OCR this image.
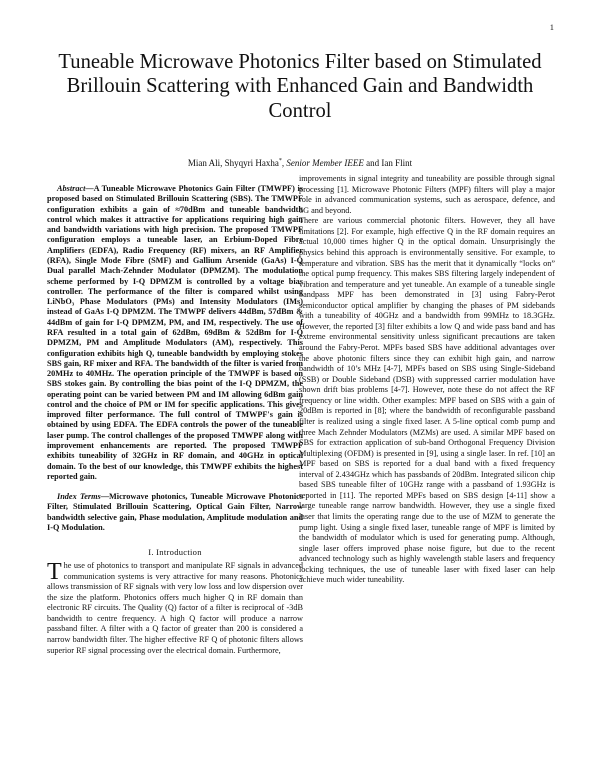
1
Tuneable Microwave Photonics Filter based on Stimulated Brillouin Scattering with Enhanced Gain and Bandwidth Control
Mian Ali, Shyqyri Haxha*, Senior Member IEEE and Ian Flint

Abstract—A Tuneable Microwave Photonics Gain Filter (TMWPF) is proposed based on Stimulated Brillouin Scattering (SBS). The TMWPF configuration exhibits a gain of ≈70dBm and tuneable bandwidth control which makes it attractive for applications requiring high gain and bandwidth variations with high precision. The proposed TMWPF configuration employs a tuneable laser, an Erbium-Doped Fibre Amplifiers (EDFA), Radio Frequency (RF) mixers, an RF Amplifier (RFA), Single Mode Fibre (SMF) and Gallium Arsenide (GaAs) I-Q Dual parallel Mach-Zehnder Modulator (DPMZM). The modulation scheme performed by I-Q DPMZM is controlled by a voltage bias controller. The performance of the filter is compared whilst using LiNbO₃ Phase Modulators (PMs) and Intensity Modulators (IMs) instead of GaAs I-Q DPMZM. The TMWPF delivers 44dBm, 57dBm & 44dBm of gain for I-Q DPMZM, PM, and IM, respectively. The use of RFA resulted in a total gain of 62dBm, 69dBm & 52dBm for I-Q DPMZM, PM and Amplitude Modulators (AM), respectively. This configuration exhibits high Q, tuneable bandwidth by employing stokes SBS gain, RF mixer and RFA. The bandwidth of the filter is varied from 20MHz to 40MHz. The operation principle of the TMWPF is based on SBS stokes gain. By controlling the bias point of the I-Q DPMZM, the operating point can be varied between PM and IM allowing 6dBm gain control and the choice of PM or IM for specific applications. This gives improved filter performance. The full control of TMWPF's gain is obtained by using EDFA. The EDFA controls the power of the tuneable laser pump. The control challenges of the proposed TMWPF along with improvement enhancements are reported. The proposed TMWPF exhibits tuneability of 32GHz in RF domain, and 40GHz in optical domain. To the best of our knowledge, this TMWPF exhibits the highest reported gain.

Index Terms—Microwave photonics, Tuneable Microwave Photonics Filter, Stimulated Brillouin Scattering, Optical Gain Filter, Narrow bandwidth selective gain, Phase modulation, Amplitude modulation and I-Q Modulation.

I. Introduction

The use of photonics to transport and manipulate RF signals in advanced communication systems is very attractive for many reasons. Photonics allows transmission of RF signals with very low loss and low dispersion over the size the platform. Photonics offers much higher Q in RF domain than electronic RF circuits. The Quality (Q) factor of a filter is reciprocal of -3dB bandwidth to centre frequency. A high Q factor will produce a narrow passband filter. A filter with a Q factor of greater than 200 is considered a narrow bandwidth filter. The higher effective RF Q of photonic filters allows superior RF signal processing over the electrical domain. Furthermore,

improvements in signal integrity and tuneability are possible through signal processing [1]. Microwave Photonic Filters (MPF) filters will play a major role in advanced communication systems, such as aerospace, defence, and 6G and beyond.

There are various commercial photonic filters. However, they all have limitations [2]. For example, high effective Q in the RF domain requires an actual 10,000 times higher Q in the optical domain. Unsurprisingly the physics behind this approach is environmentally sensitive. For example, to temperature and vibration. SBS has the merit that it dynamically “locks on” the optical pump frequency. This makes SBS filtering largely independent of vibration and temperature and yet tuneable. An example of a tuneable single bandpass MPF has been demonstrated in [3] using Fabry-Perot semiconductor optical amplifier by changing the phases of PM sidebands with a tuneability of 40GHz and a bandwidth from 99MHz to 18.3GHz. However, the reported [3] filter exhibits a low Q and wide pass band and has extreme environmental sensitivity unless significant precautions are taken around the Fabry-Perot. MPFs based SBS have additional advantages over the above photonic filters since they can exhibit high gain, and narrow bandwidth of 10’s MHz [4-7], MPFs based on SBS using Single-Sideband (SSB) or Double Sideband (DSB) with suppressed carrier modulation have shown drift bias problems [4-7]. However, note these do not affect the RF frequency or line width. Other examples: MPF based on SBS with a gain of 20dBm is reported in [8]; where the bandwidth of reconfigurable passband filter is realized using a single fixed laser. A 5-line optical comb pump and three Mach Zehnder Modulators (MZMs) are used. A similar MPF based on SBS for extraction application of sub-band Orthogonal Frequency Division Multiplexing (OFDM) is presented in [9], using a single laser. In ref. [10] an MPF based on SBS is reported for a dual band with a fixed frequency interval of 2.434GHz which has passbands of 20dBm. Integrated silicon chip based SBS tuneable filter of 10GHz range with a passband of 1.93GHz is reported in [11]. The reported MPFs based on SBS design [4-11] show a large tuneable range narrow bandwidth. However, they use a single fixed laser that limits the operating range due to the use of MZM to generate the pump light. Using a single fixed laser, tuneable range of MPF is limited by the bandwidth of modulator which is used for generating pump. Although, single laser offers improved phase noise figure, but due to the recent advanced technology such as highly wavelength stable lasers and frequency locking techniques, the use of tuneable laser with fixed laser can help achieve much wider tuneability.
